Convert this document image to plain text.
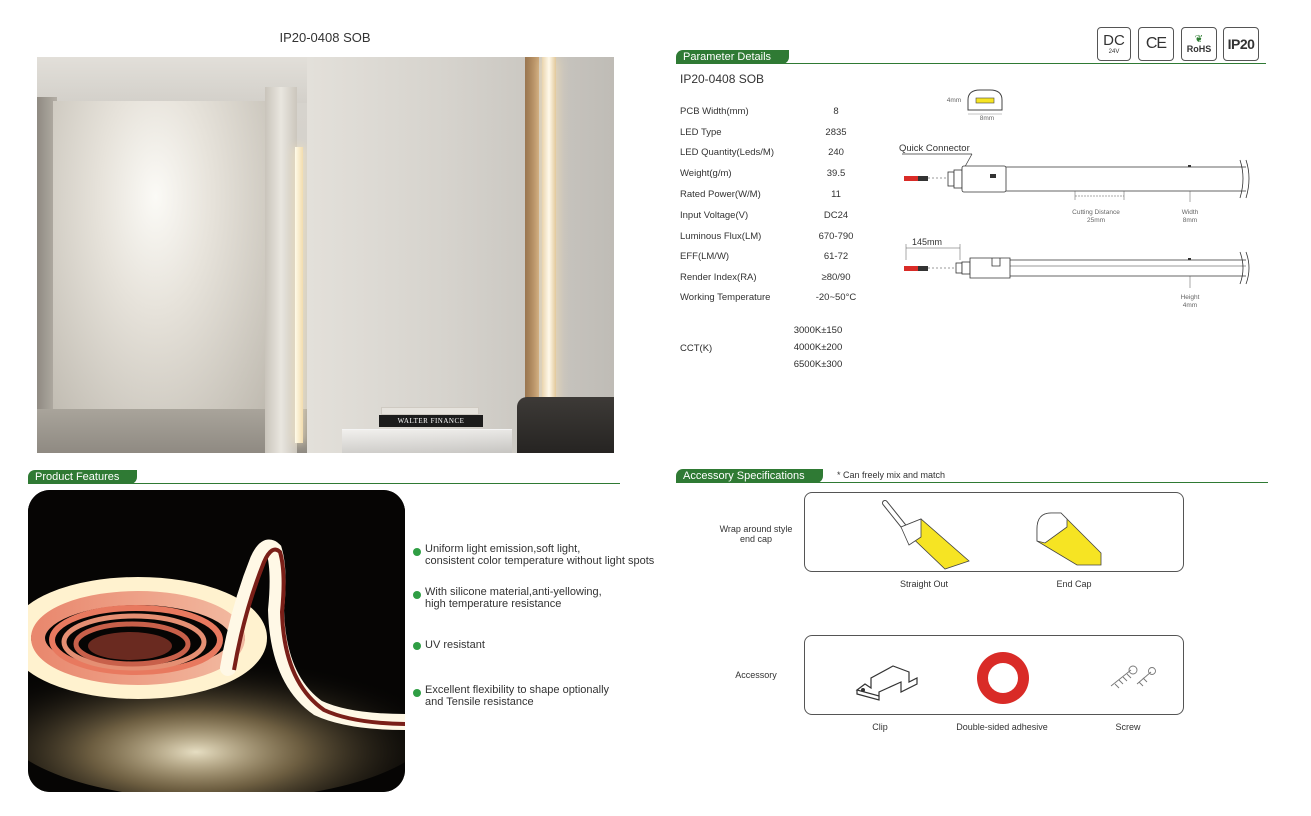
IP20-0408 SOB
WALTER FINANCE
DC
24V CE	❦
RoHS IP20
Parameter Details
IP20-0408 SOB
PCB Width(mm)	8
LED Type	2835
LED Quantity(Leds/M)	240
Weight(g/m)	39.5
Rated Power(W/M)	11
Input Voltage(V)	DC24
Luminous Flux(LM)	670-790
EFF(LM/W)	61-72
Render Index(RA)	≥80/90
Working Temperature	-20~50°C
CCT(K)
3000K±150
4000K±200
6500K±300
4mm
8mm
Quick Connector
Cutting Distance
25mm
Width
8mm
145mm
Height
4mm
Product Features
Uniform light emission,soft light,
consistent color temperature without light spots
With silicone material,anti-yellowing,
high temperature resistance
UV resistant
Excellent flexibility to shape optionally
and Tensile resistance
Accessory Specifications	* Can freely mix and match
Wrap around style
end cap
Straight Out	End Cap
Accessory
Clip	Double-sided adhesive	Screw
